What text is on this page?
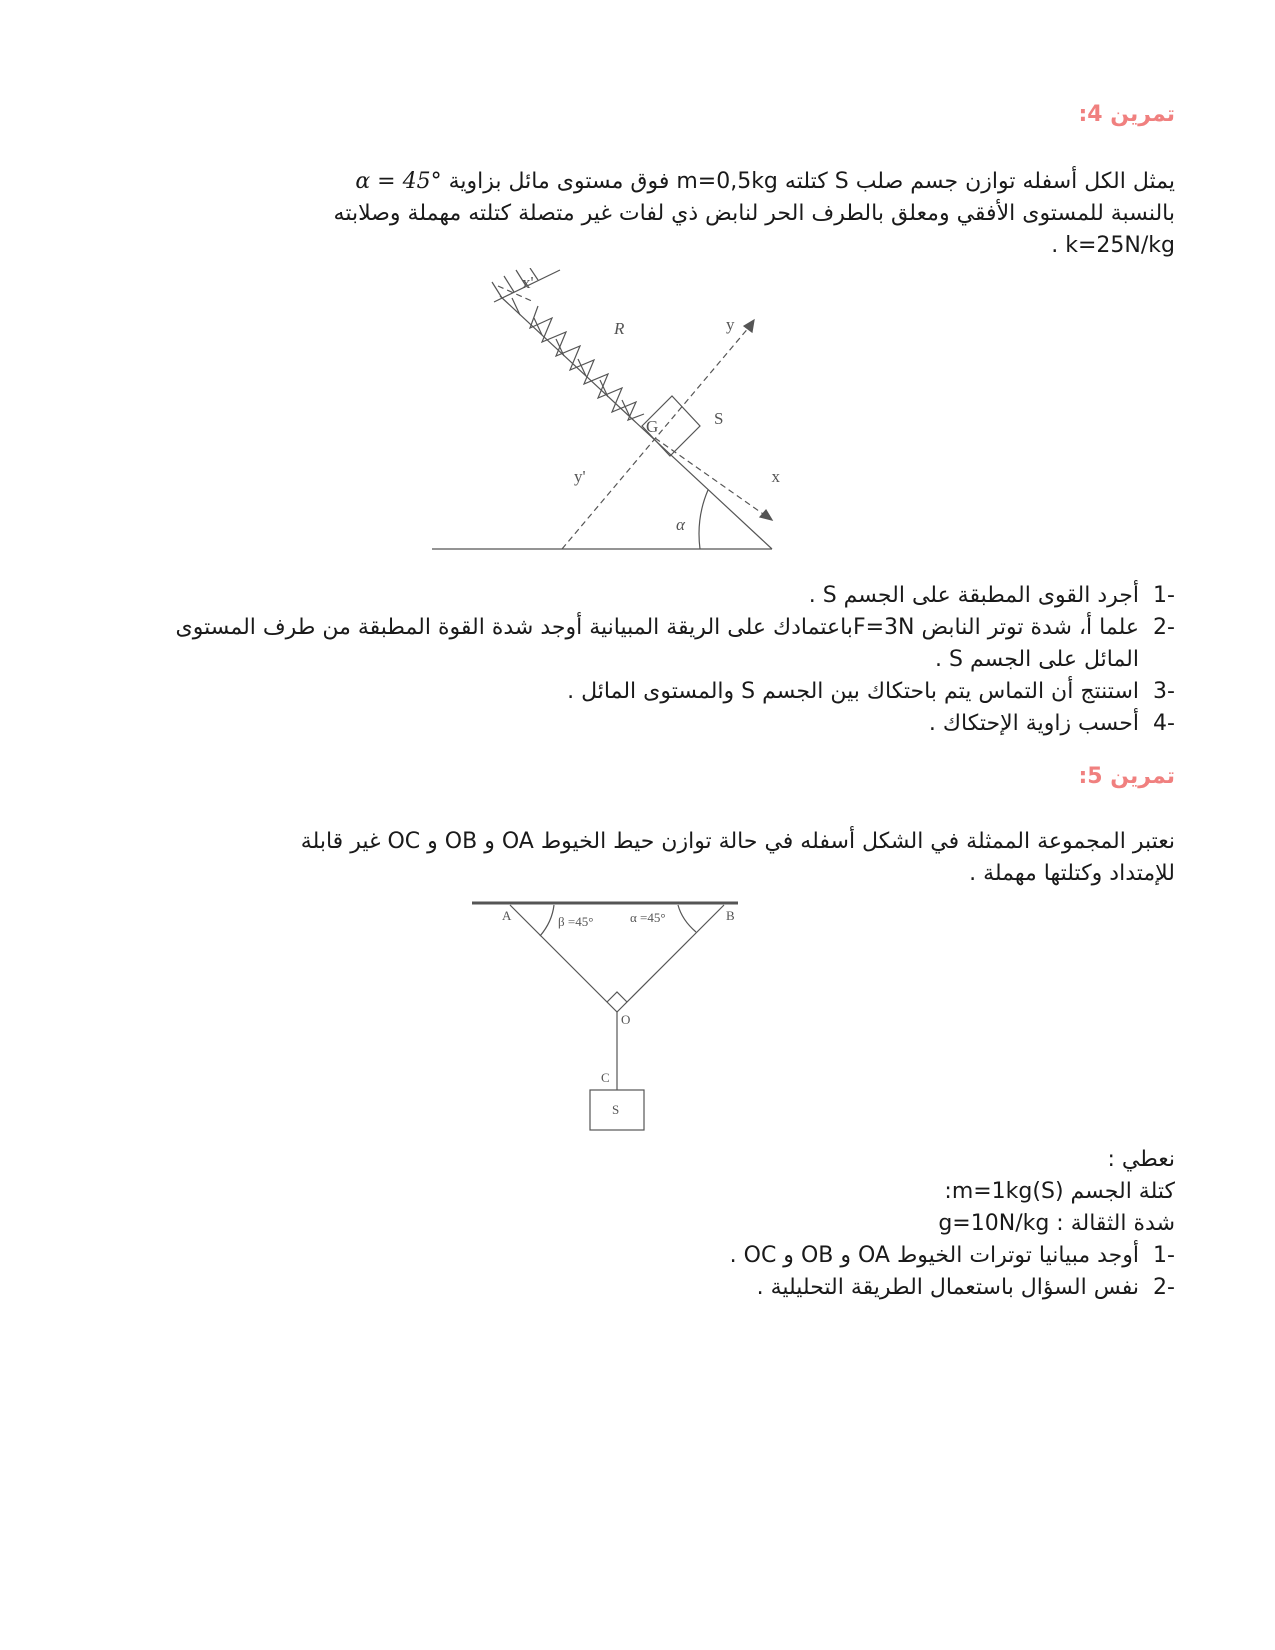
تمرين 4:
يمثل الكل أسفله توازن جسم صلب S كتلته m=0,5kg فوق مستوى مائل بزاوية α = 45°
بالنسبة للمستوى الأفقي ومعلق بالطرف الحر لنابض ذي لفات غير متصلة كتلته مهملة وصلابته
k=25N/kg .
x'
R	y
G	S
y'	x
α
-1
أجرد القوى المطبقة على الجسم S .
-2
علما أ، شدة توتر النابض F=3Nباعتمادك على الريقة المبيانية أوجد شدة القوة المطبقة من طرف المستوى المائل على الجسم S .
-3
استنتج أن التماس يتم باحتكاك بين الجسم S والمستوى المائل .
-4
أحسب زاوية الإحتكاك .
تمرين 5:
نعتبر المجموعة الممثلة في الشكل أسفله في حالة توازن حيط الخيوط OA و OB و OC غير قابلة
للإمتداد وكتلتها مهملة .
A	B
β =45°	α =45°
O
C
S
نعطي :
كتلة الجسم (S)m=1kg:
شدة الثقالة : g=10N/kg
-1
أوجد مبيانيا توترات الخيوط OA و OB و OC .
-2
نفس السؤال باستعمال الطريقة التحليلية .
